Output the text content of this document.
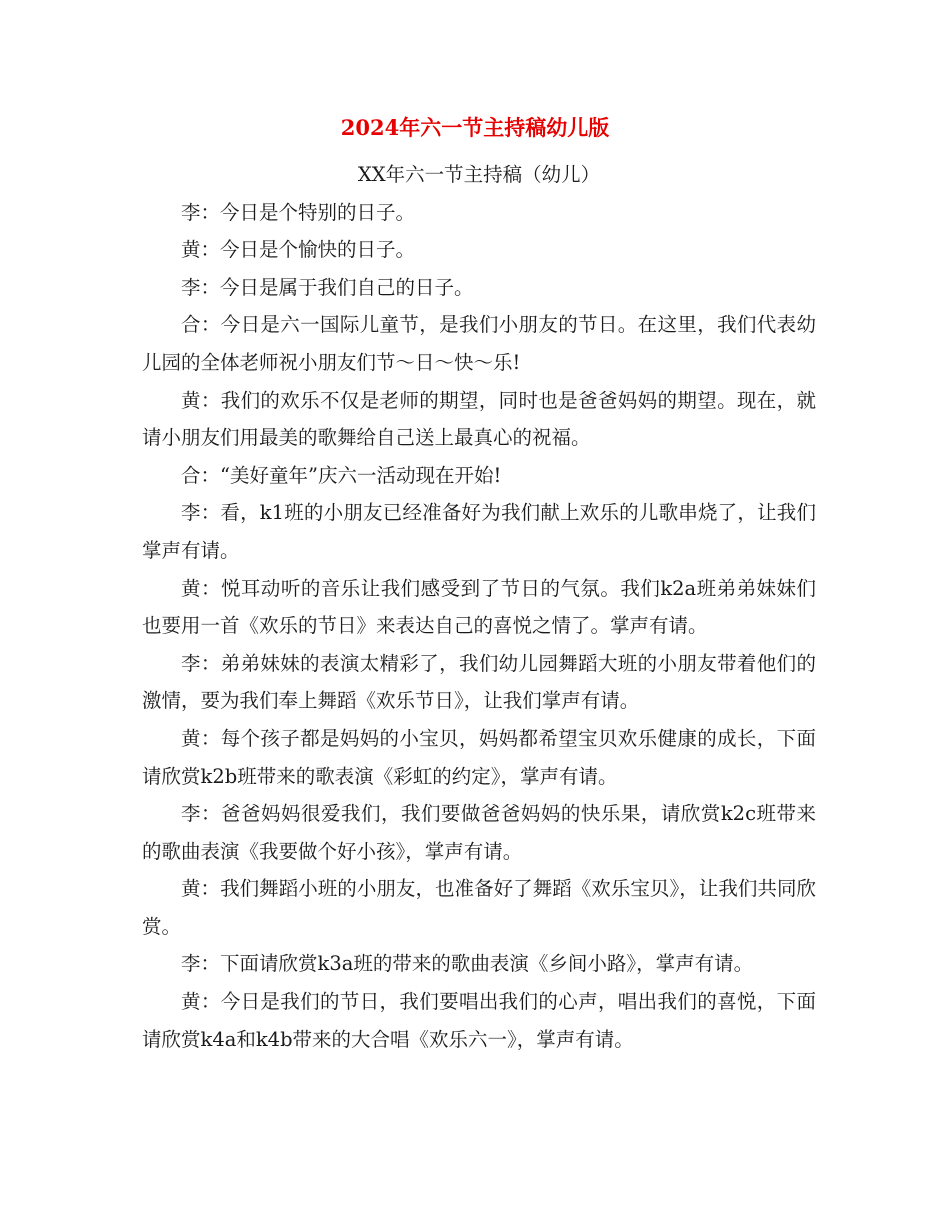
2024年六一节主持稿幼儿版

XX年六一节主持稿（幼儿）

李：今日是个特别的日子。

黄：今日是个愉快的日子。

李：今日是属于我们自己的日子。

合：今日是六一国际儿童节，是我们小朋友的节日。在这里，我们代表幼儿园的全体老师祝小朋友们节～日～快～乐!

黄：我们的欢乐不仅是老师的期望，同时也是爸爸妈妈的期望。现在，就请小朋友们用最美的歌舞给自己送上最真心的祝福。

合：“美好童年”庆六一活动现在开始!

李：看，k1班的小朋友已经准备好为我们献上欢乐的儿歌串烧了，让我们掌声有请。

黄：悦耳动听的音乐让我们感受到了节日的气氛。我们k2a班弟弟妹妹们也要用一首《欢乐的节日》来表达自己的喜悦之情了。掌声有请。

李：弟弟妹妹的表演太精彩了，我们幼儿园舞蹈大班的小朋友带着他们的激情，要为我们奉上舞蹈《欢乐节日》，让我们掌声有请。

黄：每个孩子都是妈妈的小宝贝，妈妈都希望宝贝欢乐健康的成长，下面请欣赏k2b班带来的歌表演《彩虹的约定》，掌声有请。

李：爸爸妈妈很爱我们，我们要做爸爸妈妈的快乐果，请欣赏k2c班带来的歌曲表演《我要做个好小孩》，掌声有请。

黄：我们舞蹈小班的小朋友，也准备好了舞蹈《欢乐宝贝》，让我们共同欣赏。

李：下面请欣赏k3a班的带来的歌曲表演《乡间小路》，掌声有请。

黄：今日是我们的节日，我们要唱出我们的心声，唱出我们的喜悦，下面请欣赏k4a和k4b带来的大合唱《欢乐六一》，掌声有请。
